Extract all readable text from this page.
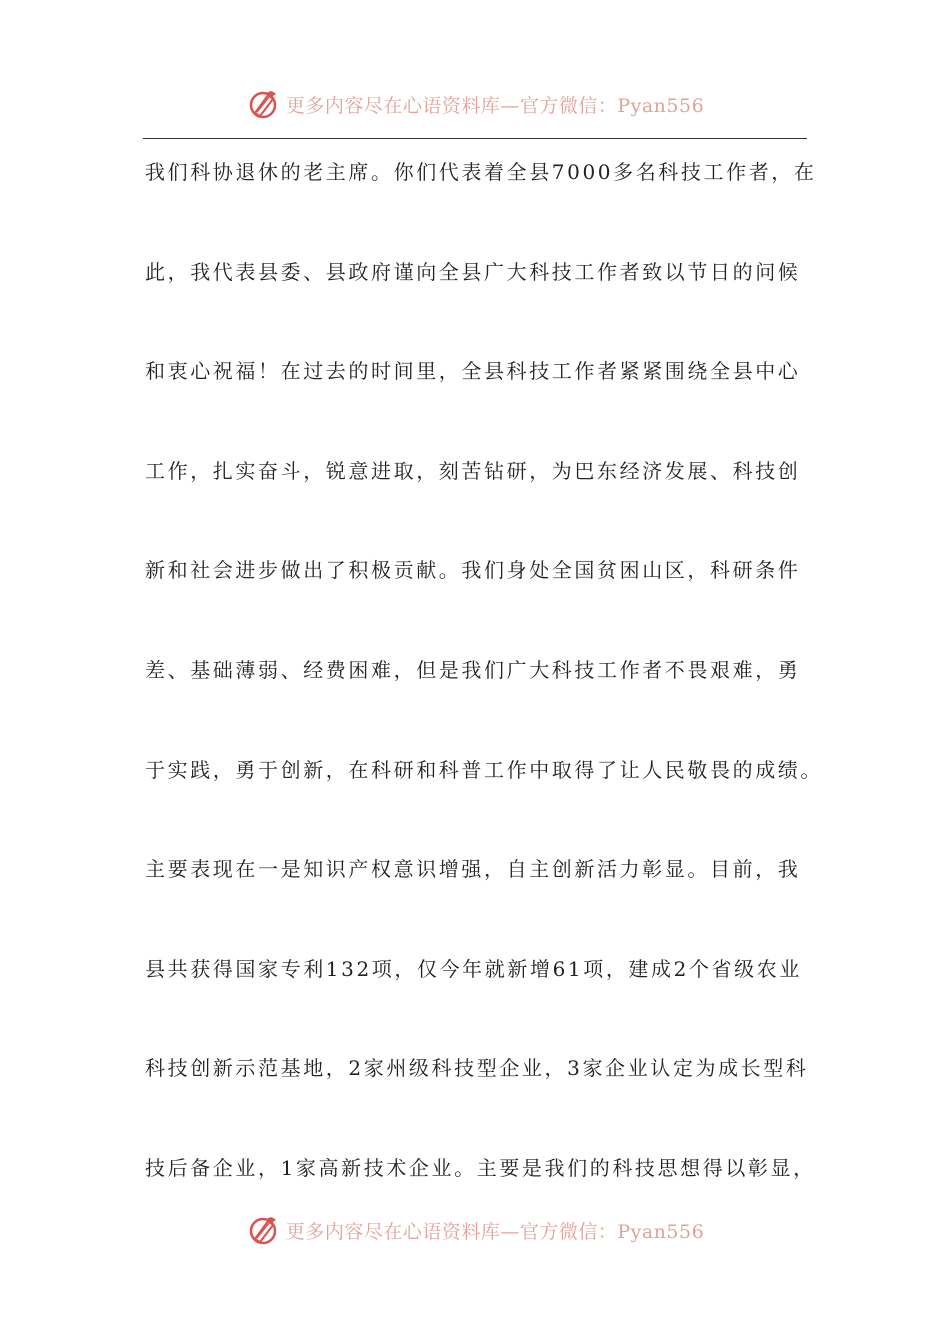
更多内容尽在心语资料库—官方微信：Pyan556

我们科协退休的老主席。你们代表着全县7000多名科技工作者，在

此，我代表县委、县政府谨向全县广大科技工作者致以节日的问候

和衷心祝福！在过去的时间里，全县科技工作者紧紧围绕全县中心

工作，扎实奋斗，锐意进取，刻苦钻研，为巴东经济发展、科技创

新和社会进步做出了积极贡献。我们身处全国贫困山区，科研条件

差、基础薄弱、经费困难，但是我们广大科技工作者不畏艰难，勇

于实践，勇于创新，在科研和科普工作中取得了让人民敬畏的成绩。

主要表现在一是知识产权意识增强，自主创新活力彰显。目前，我

县共获得国家专利132项，仅今年就新增61项，建成2个省级农业

科技创新示范基地，2家州级科技型企业，3家企业认定为成长型科

技后备企业，1家高新技术企业。主要是我们的科技思想得以彰显，

更多内容尽在心语资料库—官方微信：Pyan556
